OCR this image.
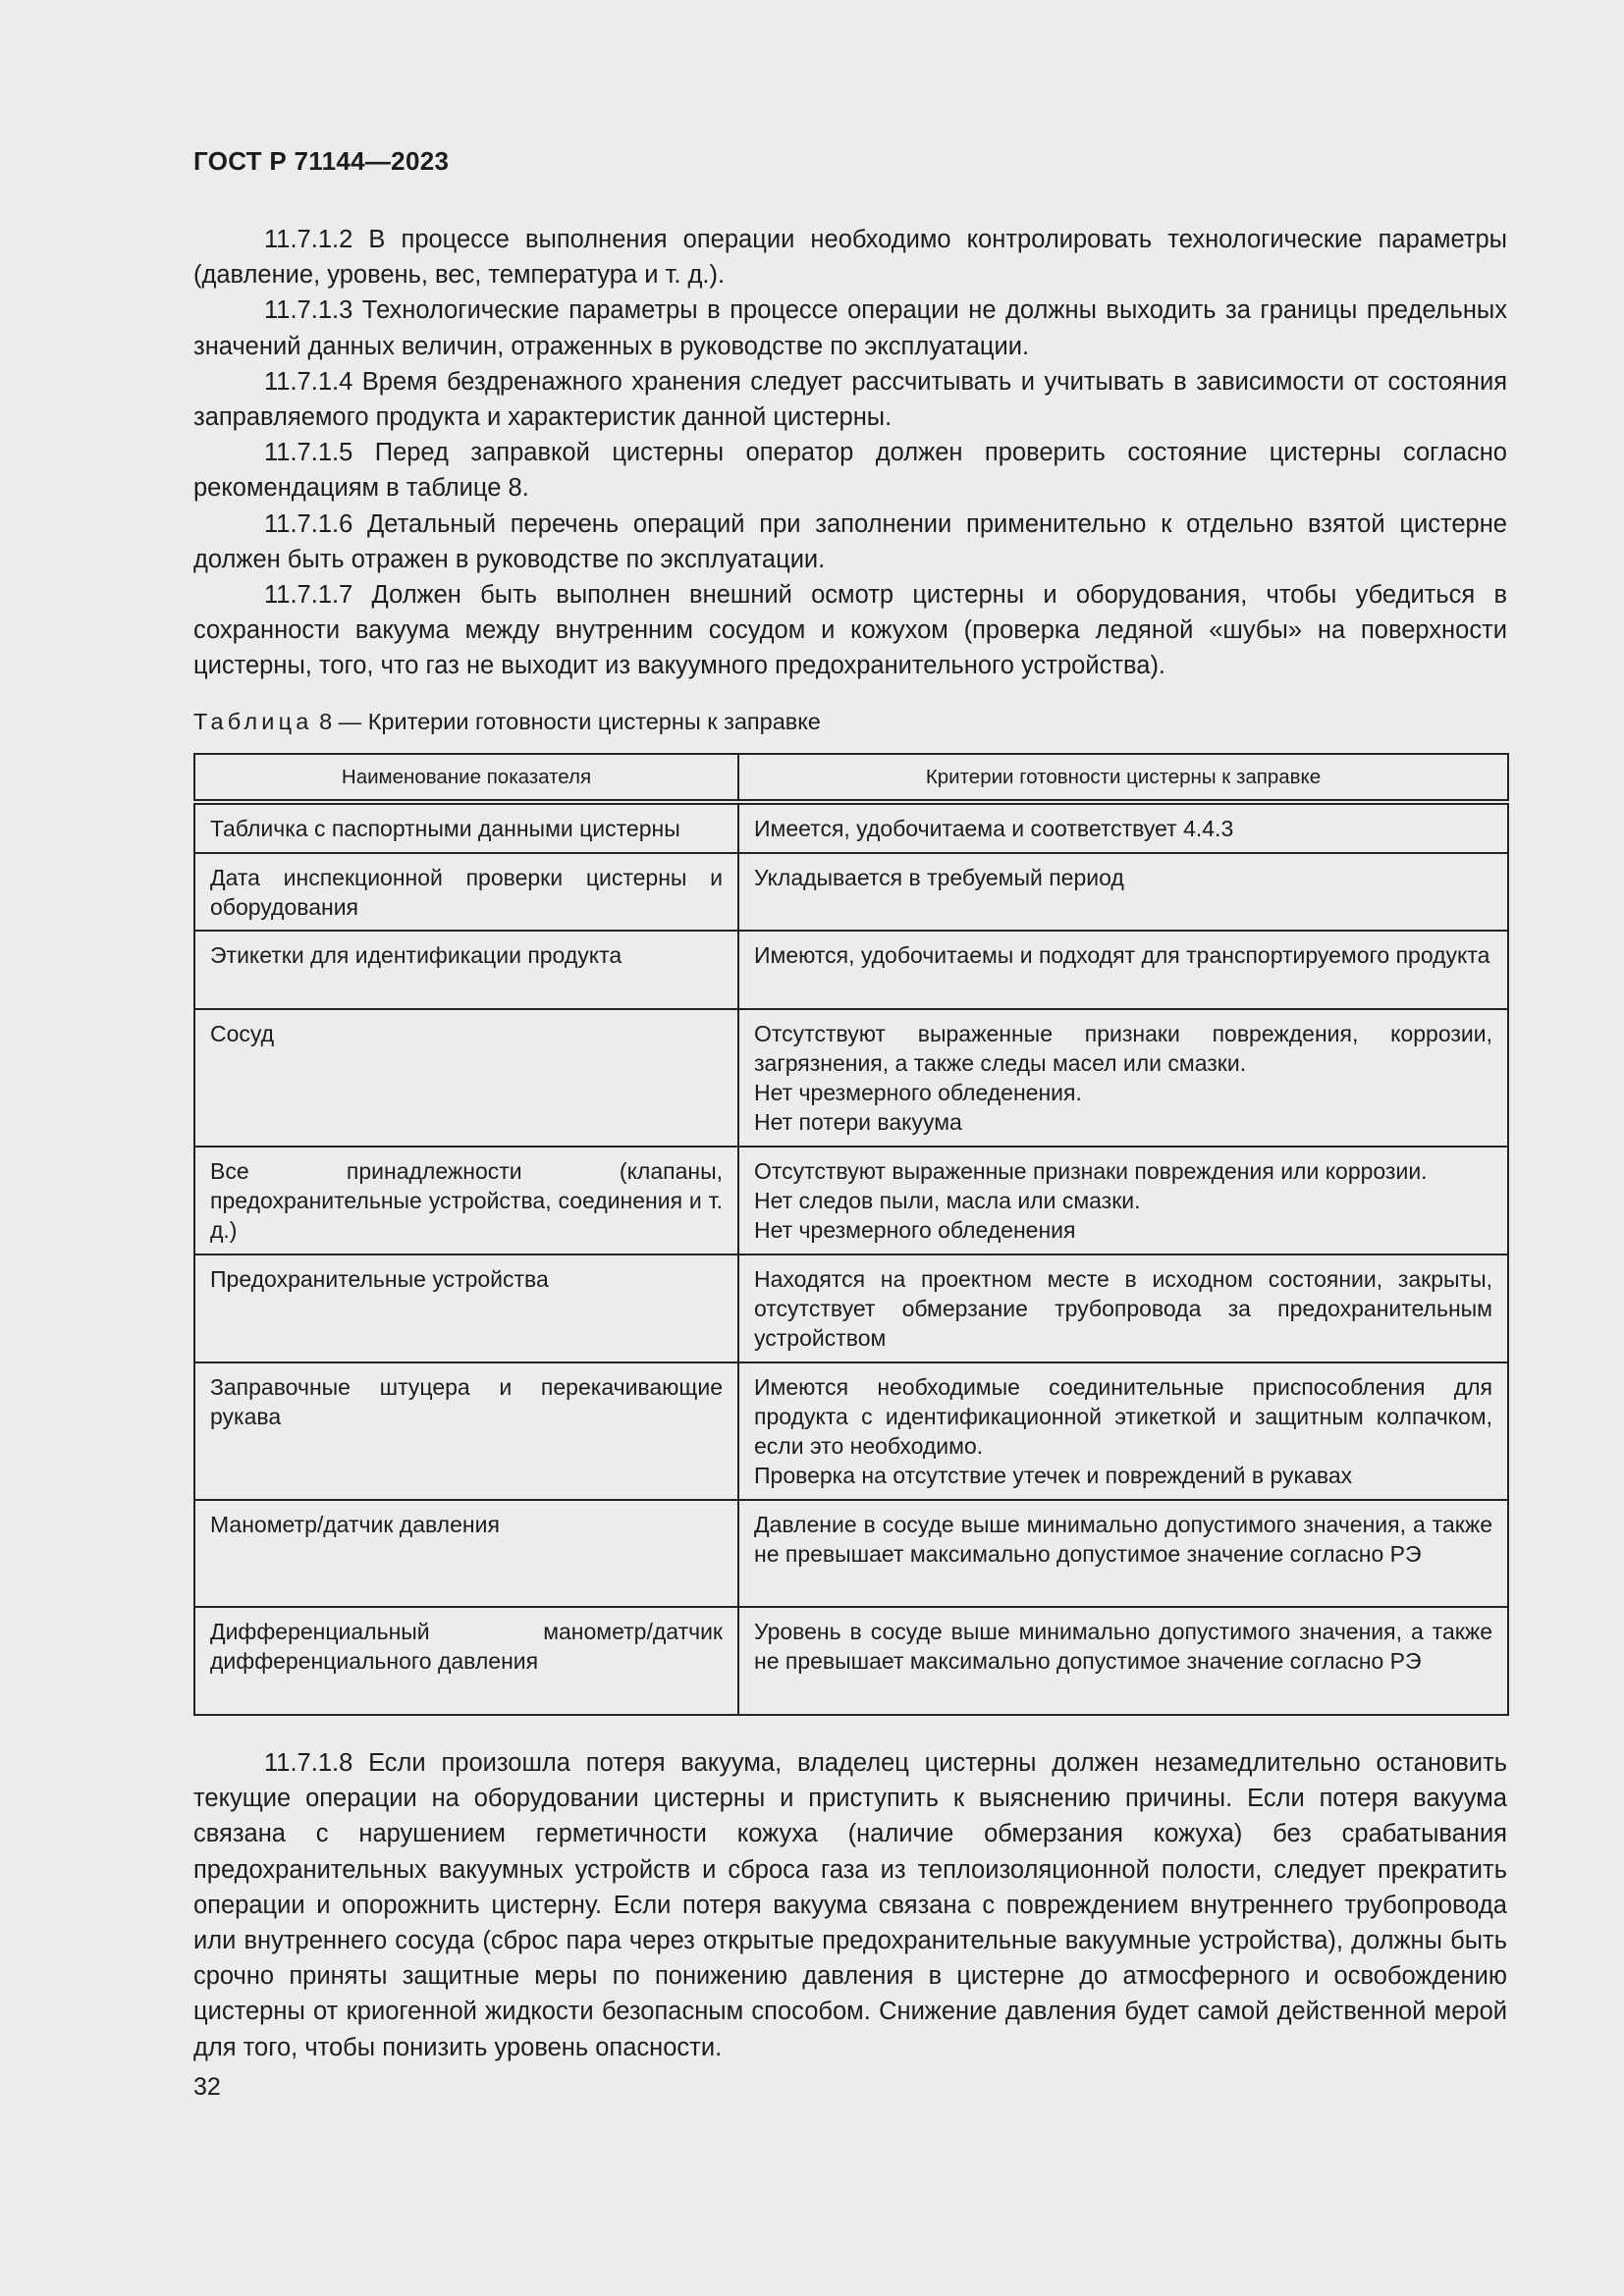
ГОСТ Р 71144—2023

11.7.1.2 В процессе выполнения операции необходимо контролировать технологические параметры (давление, уровень, вес, температура и т. д.).

11.7.1.3 Технологические параметры в процессе операции не должны выходить за границы предельных значений данных величин, отраженных в руководстве по эксплуатации.

11.7.1.4 Время бездренажного хранения следует рассчитывать и учитывать в зависимости от состояния заправляемого продукта и характеристик данной цистерны.

11.7.1.5 Перед заправкой цистерны оператор должен проверить состояние цистерны согласно рекомендациям в таблице 8.

11.7.1.6 Детальный перечень операций при заполнении применительно к отдельно взятой цистерне должен быть отражен в руководстве по эксплуатации.

11.7.1.7 Должен быть выполнен внешний осмотр цистерны и оборудования, чтобы убедиться в сохранности вакуума между внутренним сосудом и кожухом (проверка ледяной «шубы» на поверхности цистерны, того, что газ не выходит из вакуумного предохранительного устройства).

Таблица 8 — Критерии готовности цистерны к заправке
Наименование показателя	Критерии готовности цистерны к заправке

Табличка с паспортными данными цистерны	Имеется, удобочитаема и соответствует 4.4.3

Дата инспекционной проверки цистерны и оборудования	Укладывается в требуемый период

Этикетки для идентификации продукта	Имеются, удобочитаемы и подходят для транспортируемого продукта

Сосуд	Отсутствуют выраженные признаки повреждения, коррозии, загрязнения, а также следы масел или смазки.
Нет чрезмерного обледенения.
Нет потери вакуума

Все принадлежности (клапаны, предохранительные устройства, соединения и т. д.)	Отсутствуют выраженные признаки повреждения или коррозии.
Нет следов пыли, масла или смазки.
Нет чрезмерного обледенения

Предохранительные устройства	Находятся на проектном месте в исходном состоянии, закрыты, отсутствует обмерзание трубопровода за предохранительным устройством

Заправочные штуцера и перекачивающие рукава	Имеются необходимые соединительные приспособления для продукта с идентификационной этикеткой и защитным колпачком, если это необходимо.
Проверка на отсутствие утечек и повреждений в рукавах

Манометр/датчик давления	Давление в сосуде выше минимально допустимого значения, а также не превышает максимально допустимое значение согласно РЭ

Дифференциальный манометр/датчик дифференциального давления	Уровень в сосуде выше минимально допустимого значения, а также не превышает максимально допустимое значение согласно РЭ

11.7.1.8 Если произошла потеря вакуума, владелец цистерны должен незамедлительно остановить текущие операции на оборудовании цистерны и приступить к выяснению причины. Если потеря вакуума связана с нарушением герметичности кожуха (наличие обмерзания кожуха) без срабатывания предохранительных вакуумных устройств и сброса газа из теплоизоляционной полости, следует прекратить операции и опорожнить цистерну. Если потеря вакуума связана с повреждением внутреннего трубопровода или внутреннего сосуда (сброс пара через открытые предохранительные вакуумные устройства), должны быть срочно приняты защитные меры по понижению давления в цистерне до атмосферного и освобождению цистерны от криогенной жидкости безопасным способом. Снижение давления будет самой действенной мерой для того, чтобы понизить уровень опасности.

32
